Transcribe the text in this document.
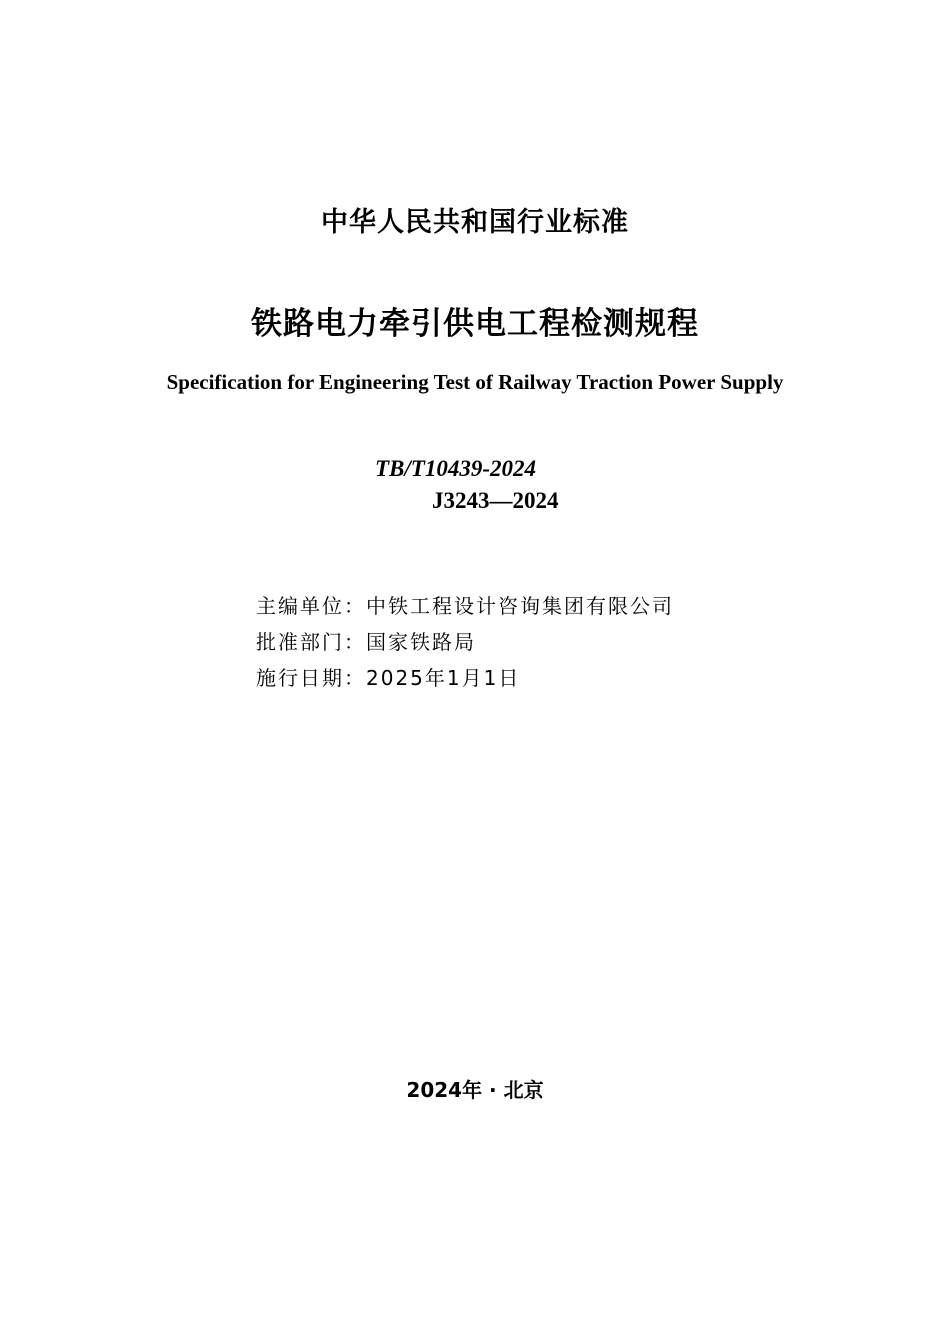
中华人民共和国行业标准
铁路电力牵引供电工程检测规程
Specification for Engineering Test of Railway Traction Power Supply
TB/T10439-2024
J3243—2024
主编单位：中铁工程设计咨询集团有限公司
批准部门：国家铁路局
施行日期：2025年1月1日
2024年 · 北京
